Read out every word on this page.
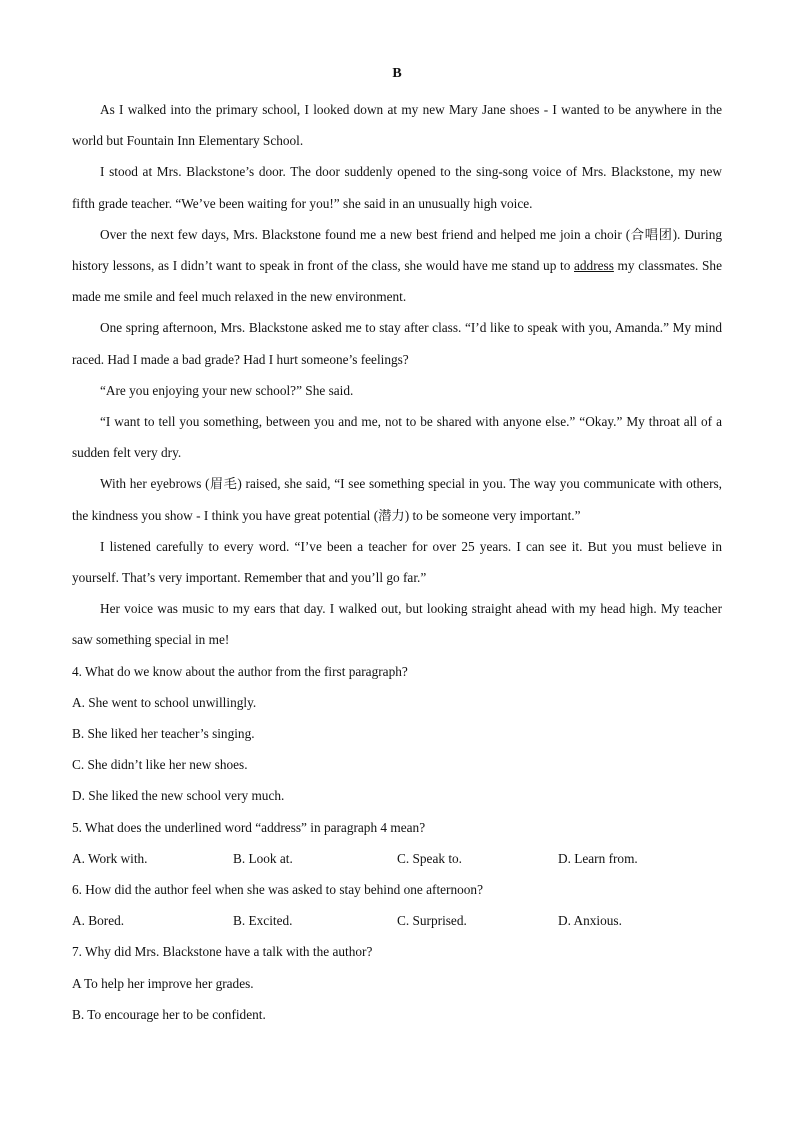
B

As I walked into the primary school, I looked down at my new Mary Jane shoes - I wanted to be anywhere in the world but Fountain Inn Elementary School.

I stood at Mrs. Blackstone’s door. The door suddenly opened to the sing-song voice of Mrs. Blackstone, my new fifth grade teacher. “We’ve been waiting for you!” she said in an unusually high voice.

Over the next few days, Mrs. Blackstone found me a new best friend and helped me join a choir (合唱团). During history lessons, as I didn’t want to speak in front of the class, she would have me stand up to address my classmates. She made me smile and feel much relaxed in the new environment.

One spring afternoon, Mrs. Blackstone asked me to stay after class. “I’d like to speak with you, Amanda.” My mind raced. Had I made a bad grade? Had I hurt someone’s feelings?

“Are you enjoying your new school?” She said.

“I want to tell you something, between you and me, not to be shared with anyone else.” “Okay.” My throat all of a sudden felt very dry.

With her eyebrows (眉毛) raised, she said, “I see something special in you. The way you communicate with others, the kindness you show - I think you have great potential (潜力) to be someone very important.”

I listened carefully to every word. “I’ve been a teacher for over 25 years. I can see it. But you must believe in yourself. That’s very important. Remember that and you’ll go far.”

Her voice was music to my ears that day. I walked out, but looking straight ahead with my head high. My teacher saw something special in me!

4. What do we know about the author from the first paragraph?

A. She went to school unwillingly.

B. She liked her teacher’s singing.

C. She didn’t like her new shoes.

D. She liked the new school very much.

5. What does the underlined word “address” in paragraph 4 mean?

A. Work with.	B. Look at.	C. Speak to.	D. Learn from.

6. How did the author feel when she was asked to stay behind one afternoon?

A. Bored.	B. Excited.	C. Surprised.	D. Anxious.

7. Why did Mrs. Blackstone have a talk with the author?

A To help her improve her grades.

B. To encourage her to be confident.
